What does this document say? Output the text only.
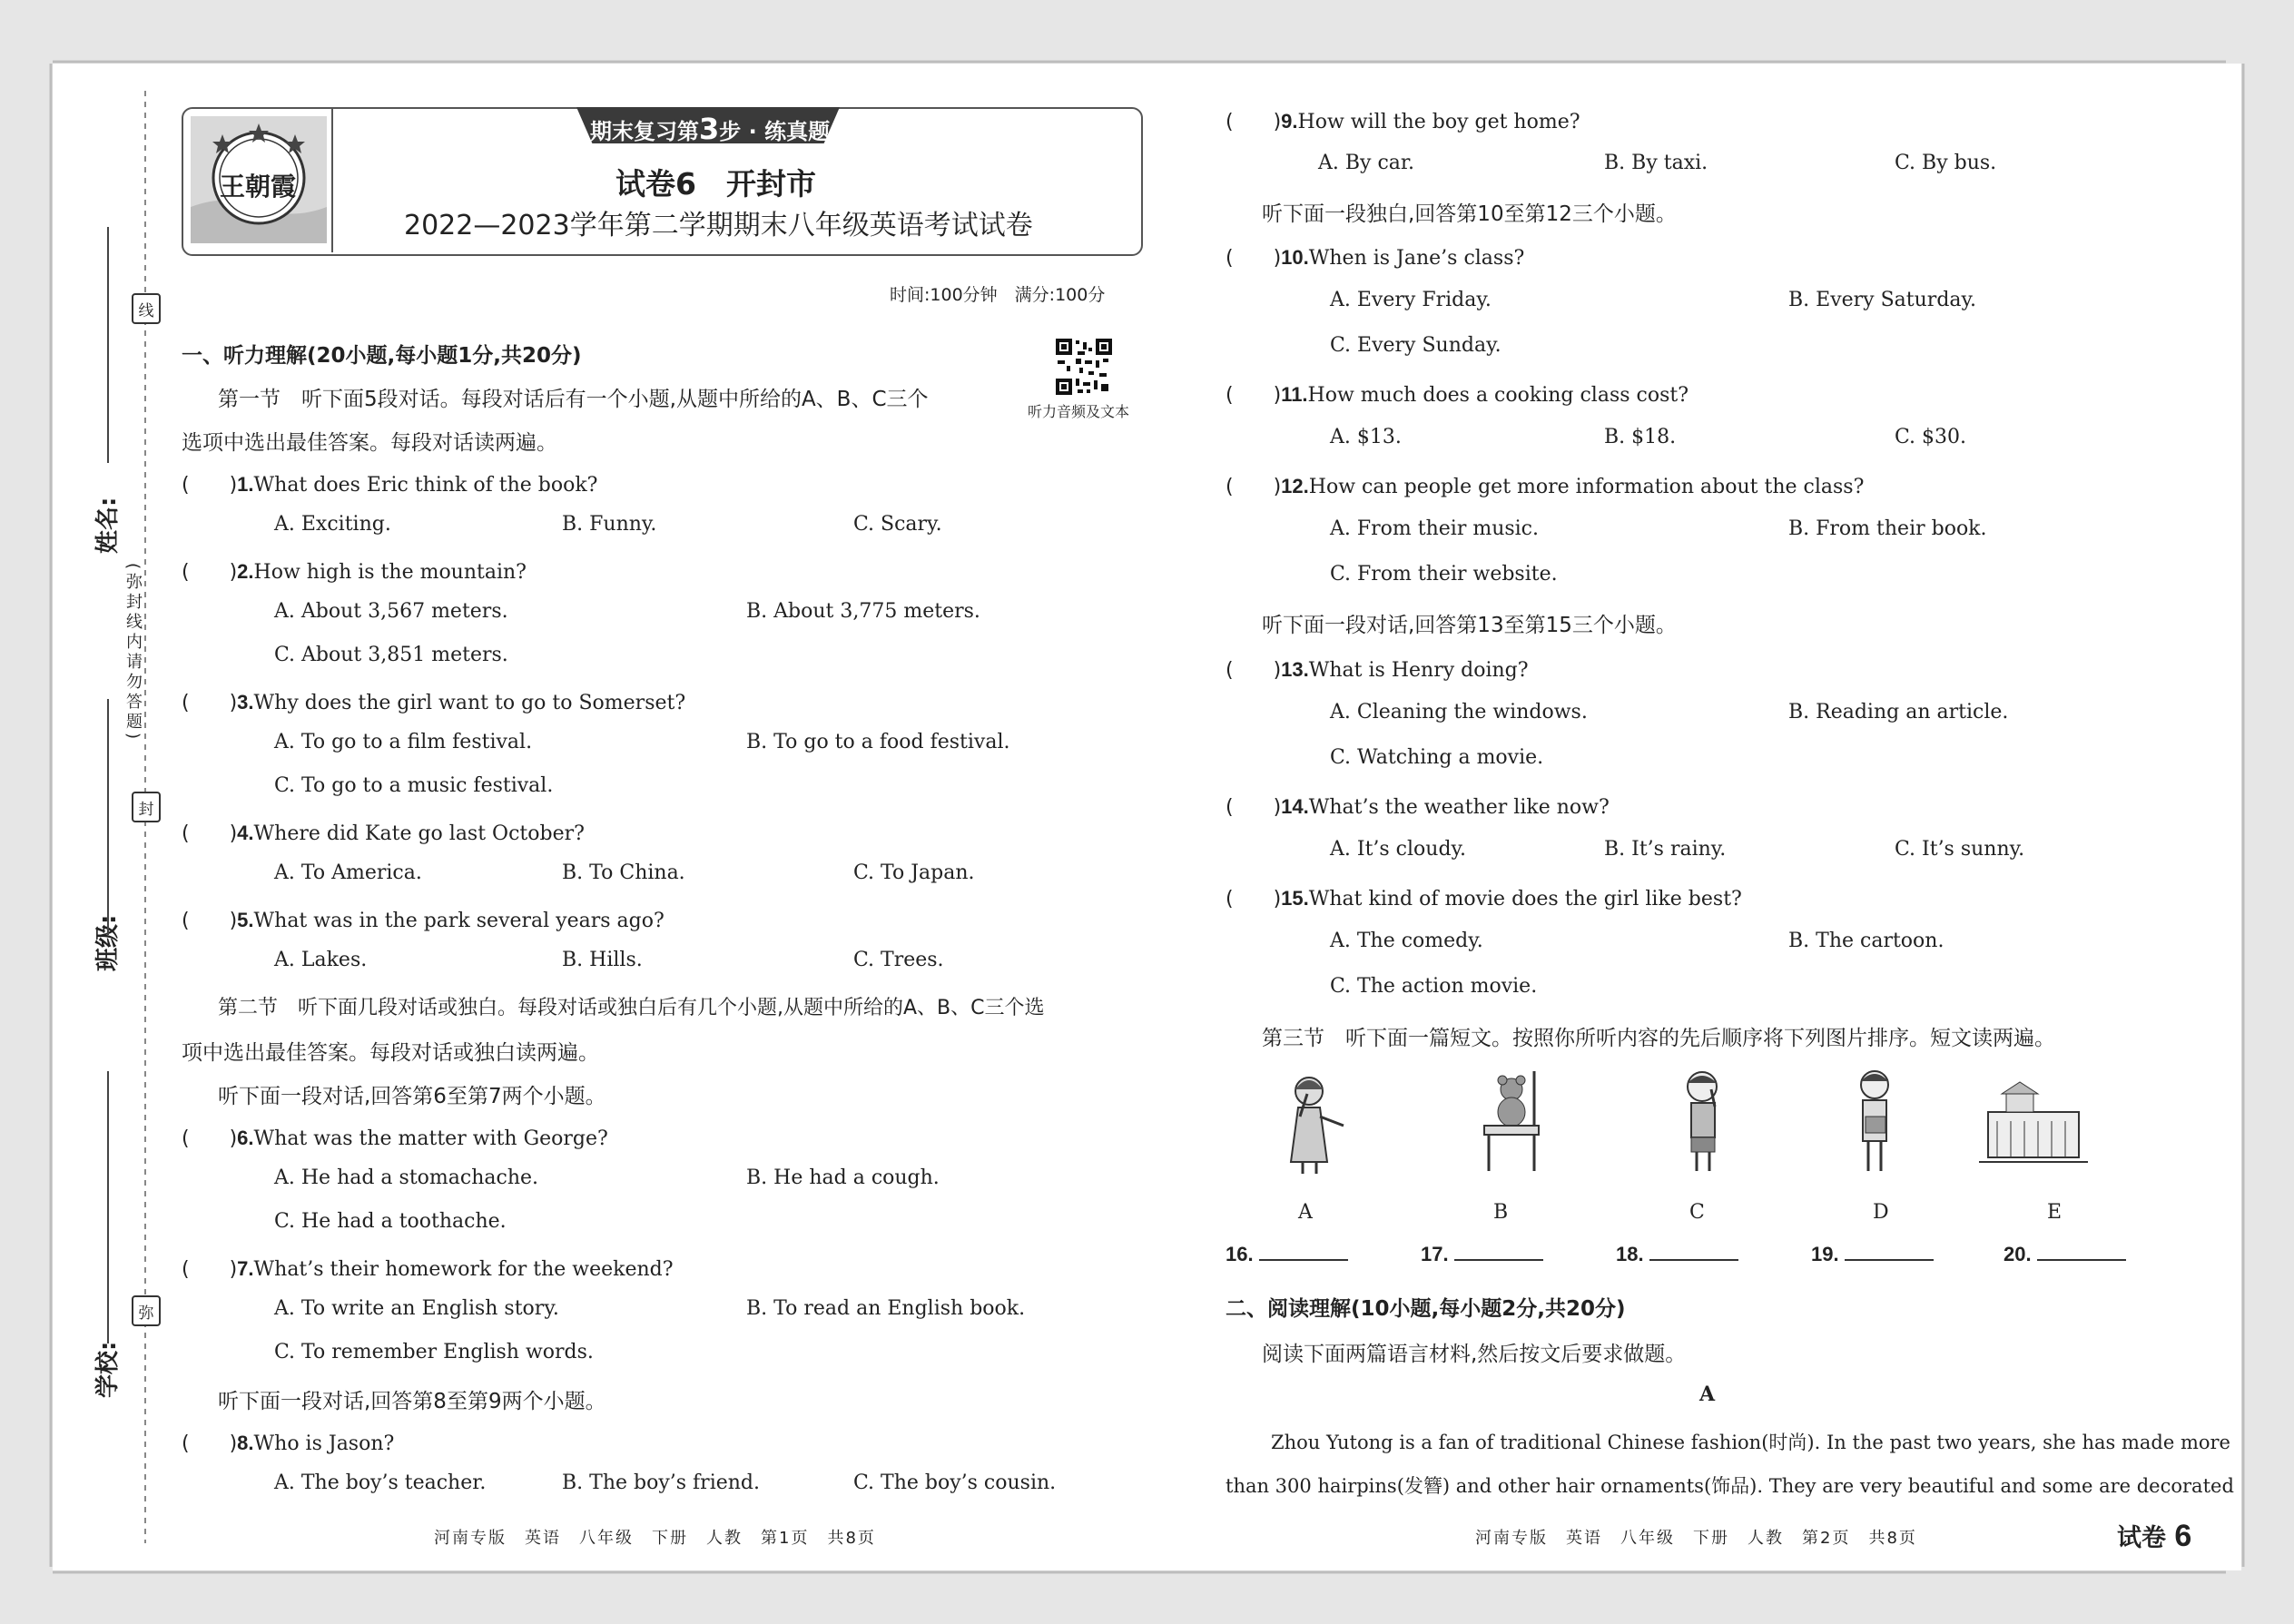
姓名:
班级:
学校:
线
封
弥
(弥封线内请勿答题)
王朝霞
期末复习第3步 · 练真题
试卷6　开封市
2022—2023学年第二学期期末八年级英语考试试卷
时间:100分钟　满分:100分
一、听力理解(20小题,每小题1分,共20分)
听力音频及文本
第一节　听下面5段对话。每段对话后有一个小题,从题中所给的A、B、C三个
选项中选出最佳答案。每段对话读两遍。
(　　) 1. What does Eric think of the book?
A. Exciting.	B. Funny.	C. Scary.
(　　) 2. How high is the mountain?
A. About 3,567 meters.	B. About 3,775 meters.
C. About 3,851 meters.
(　　) 3. Why does the girl want to go to Somerset?
A. To go to a film festival.	B. To go to a food festival.
C. To go to a music festival.
(　　) 4. Where did Kate go last October?
A. To America.	B. To China.	C. To Japan.
(　　) 5. What was in the park several years ago?
A. Lakes.	B. Hills.	C. Trees.
第二节　听下面几段对话或独白。每段对话或独白后有几个小题,从题中所给的A、B、C三个选
项中选出最佳答案。每段对话或独白读两遍。
听下面一段对话,回答第6至第7两个小题。
(　　) 6. What was the matter with George?
A. He had a stomachache.	B. He had a cough.
C. He had a toothache.
(　　) 7. What’s their homework for the weekend?
A. To write an English story.	B. To read an English book.
C. To remember English words.
听下面一段对话,回答第8至第9两个小题。
(　　) 8. Who is Jason?
A. The boy’s teacher.	B. The boy’s friend.	C. The boy’s cousin.
河南专版　英语　八年级　下册　人教　第1页　共8页
(　　) 9. How will the boy get home?
A. By car.	B. By taxi.	C. By bus.
听下面一段独白,回答第10至第12三个小题。
(　　) 10. When is Jane’s class?
A. Every Friday.	B. Every Saturday.
C. Every Sunday.
(　　) 11. How much does a cooking class cost?
A. $13.	B. $18.	C. $30.
(　　) 12. How can people get more information about the class?
A. From their music.	B. From their book.
C. From their website.
听下面一段对话,回答第13至第15三个小题。
(　　) 13. What is Henry doing?
A. Cleaning the windows.	B. Reading an article.
C. Watching a movie.
(　　) 14. What’s the weather like now?
A. It’s cloudy.	B. It’s rainy.	C. It’s sunny.
(　　) 15. What kind of movie does the girl like best?
A. The comedy.	B. The cartoon.
C. The action movie.
第三节　听下面一篇短文。按照你所听内容的先后顺序将下列图片排序。短文读两遍。
A	B	C	D	E
16.	17.	18.	19.	20.
二、阅读理解(10小题,每小题2分,共20分)
阅读下面两篇语言材料,然后按文后要求做题。
A
Zhou Yutong is a fan of traditional Chinese fashion(时尚). In the past two years, she has made more
than 300 hairpins(发簪) and other hair ornaments(饰品). They are very beautiful and some are decorated
河南专版　英语　八年级　下册　人教　第2页　共8页	试卷 6
